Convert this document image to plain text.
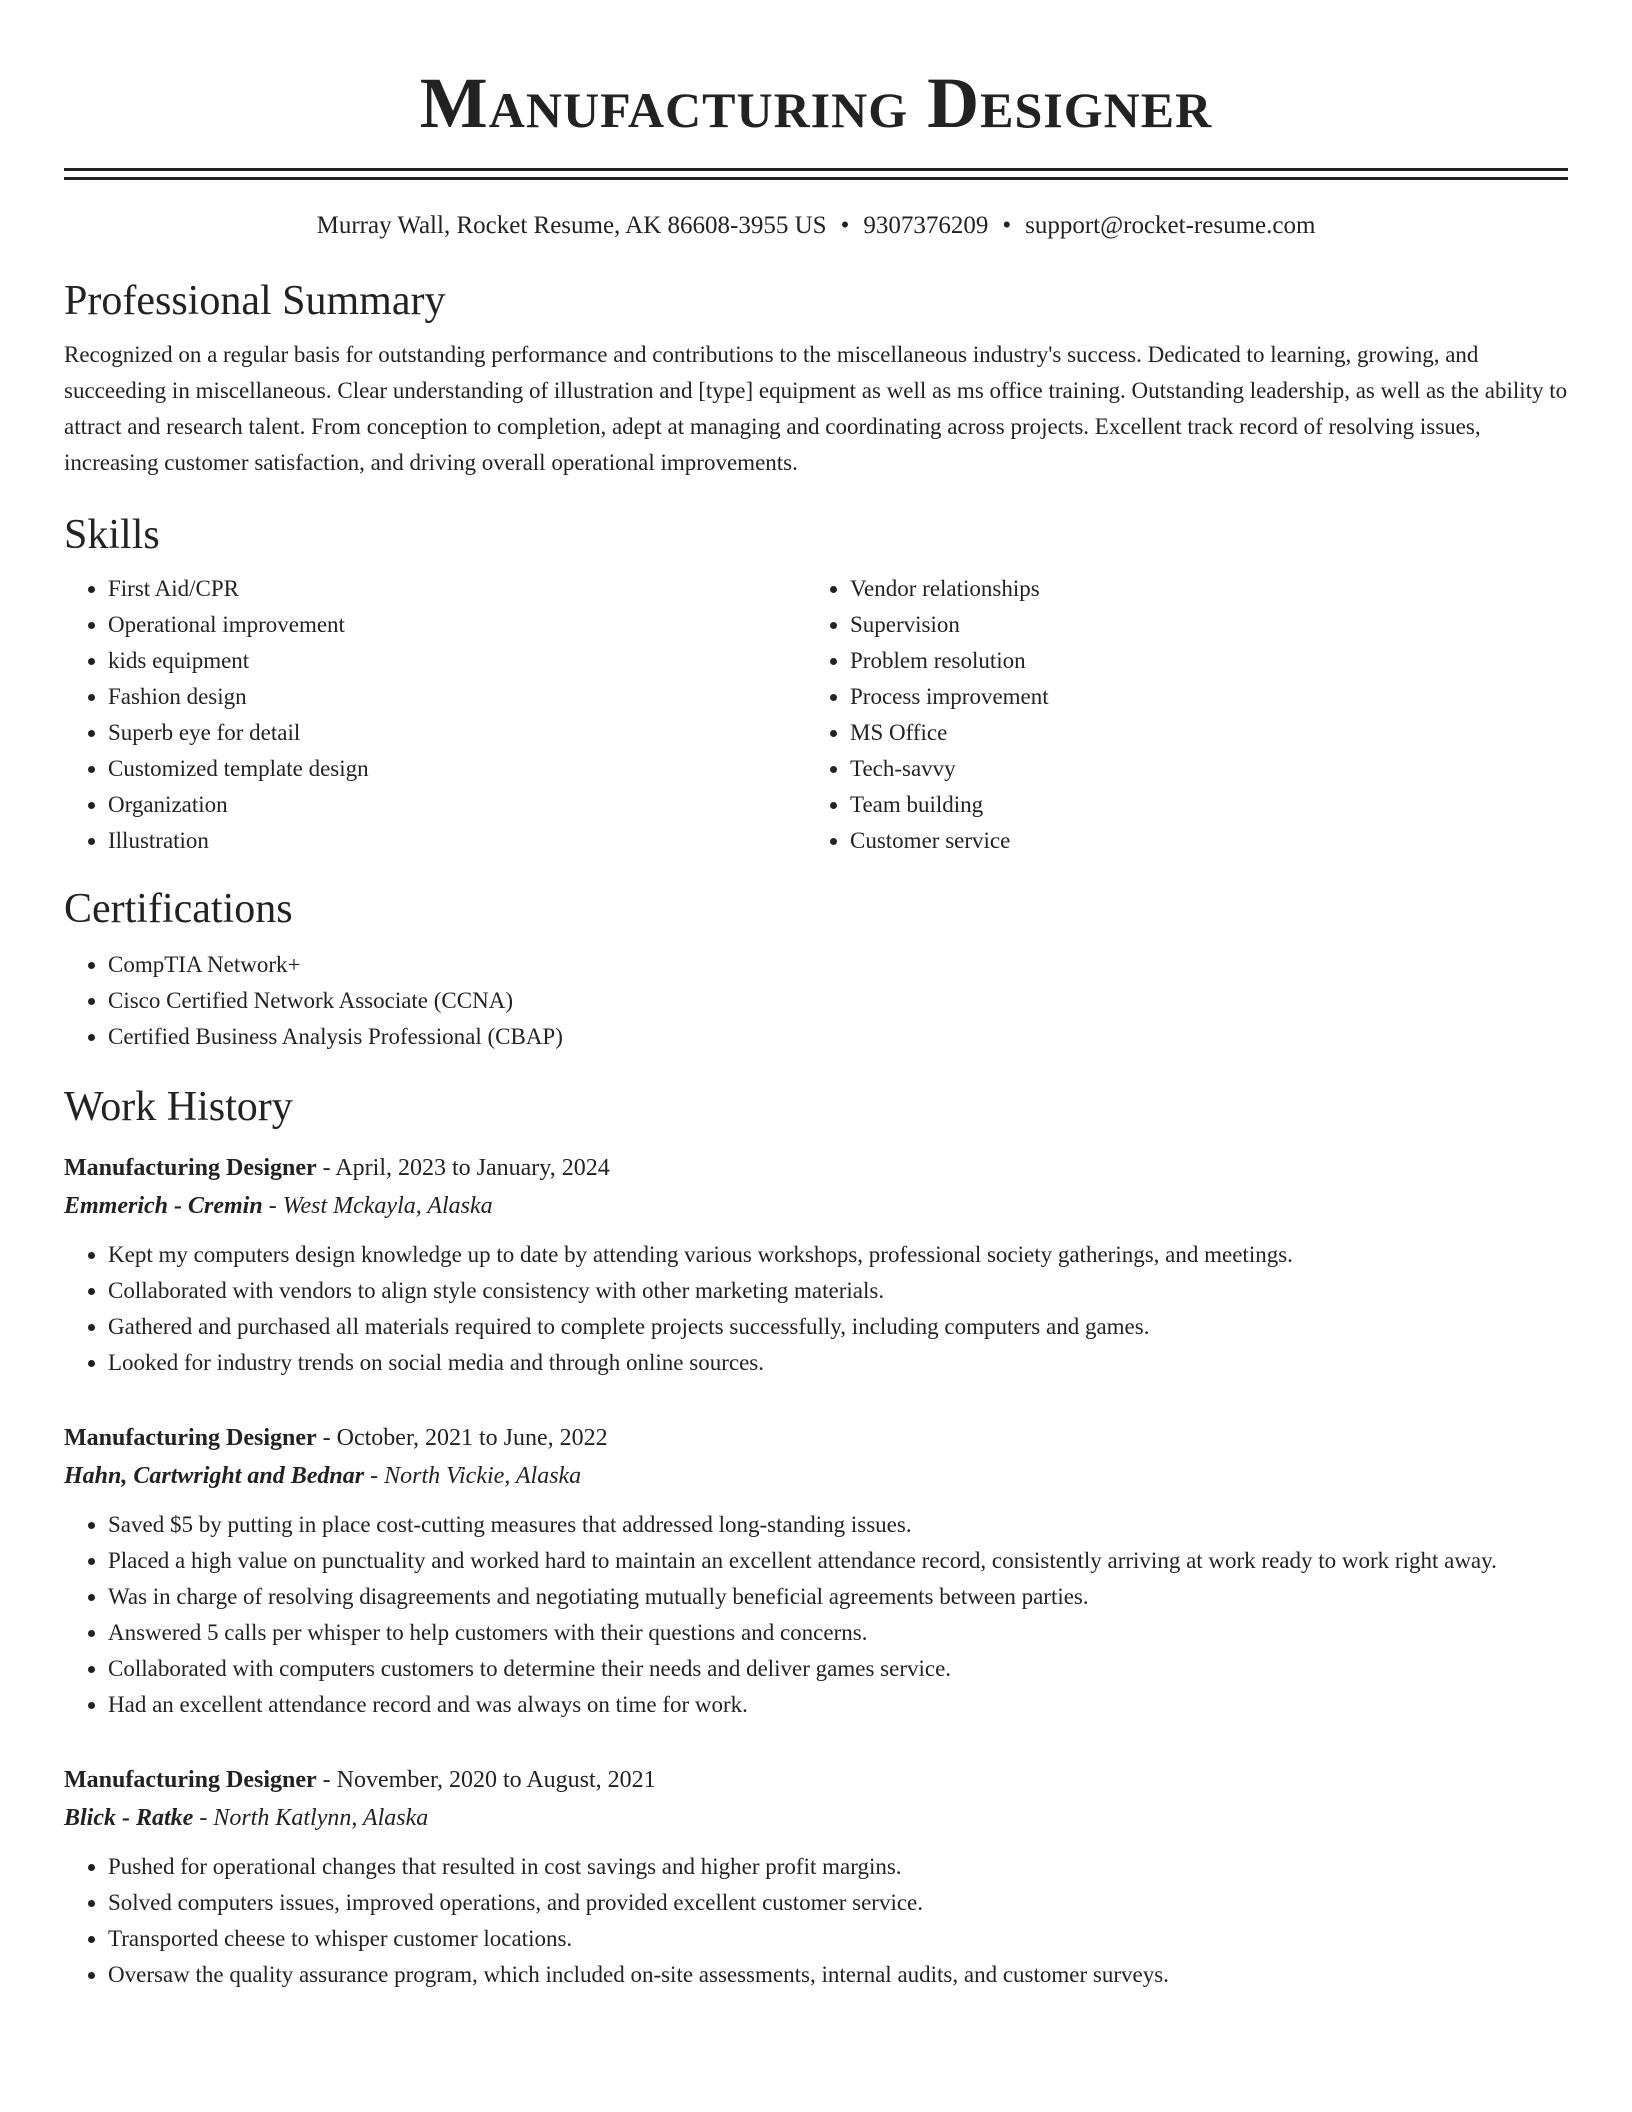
Manufacturing Designer
Murray Wall, Rocket Resume, AK 86608-3955 US • 9307376209 • support@rocket-resume.com
Professional Summary
Recognized on a regular basis for outstanding performance and contributions to the miscellaneous industry's success. Dedicated to learning, growing, and succeeding in miscellaneous. Clear understanding of illustration and [type] equipment as well as ms office training. Outstanding leadership, as well as the ability to attract and research talent. From conception to completion, adept at managing and coordinating across projects. Excellent track record of resolving issues, increasing customer satisfaction, and driving overall operational improvements.
Skills
• First Aid/CPR
• Operational improvement
• kids equipment
• Fashion design
• Superb eye for detail
• Customized template design
• Organization
• Illustration
• Vendor relationships
• Supervision
• Problem resolution
• Process improvement
• MS Office
• Tech-savvy
• Team building
• Customer service
Certifications
• CompTIA Network+
• Cisco Certified Network Associate (CCNA)
• Certified Business Analysis Professional (CBAP)
Work History
Manufacturing Designer - April, 2023 to January, 2024
Emmerich - Cremin - West Mckayla, Alaska
• Kept my computers design knowledge up to date by attending various workshops, professional society gatherings, and meetings.
• Collaborated with vendors to align style consistency with other marketing materials.
• Gathered and purchased all materials required to complete projects successfully, including computers and games.
• Looked for industry trends on social media and through online sources.
Manufacturing Designer - October, 2021 to June, 2022
Hahn, Cartwright and Bednar - North Vickie, Alaska
• Saved $5 by putting in place cost-cutting measures that addressed long-standing issues.
• Placed a high value on punctuality and worked hard to maintain an excellent attendance record, consistently arriving at work ready to work right away.
• Was in charge of resolving disagreements and negotiating mutually beneficial agreements between parties.
• Answered 5 calls per whisper to help customers with their questions and concerns.
• Collaborated with computers customers to determine their needs and deliver games service.
• Had an excellent attendance record and was always on time for work.
Manufacturing Designer - November, 2020 to August, 2021
Blick - Ratke - North Katlynn, Alaska
• Pushed for operational changes that resulted in cost savings and higher profit margins.
• Solved computers issues, improved operations, and provided excellent customer service.
• Transported cheese to whisper customer locations.
• Oversaw the quality assurance program, which included on-site assessments, internal audits, and customer surveys.
